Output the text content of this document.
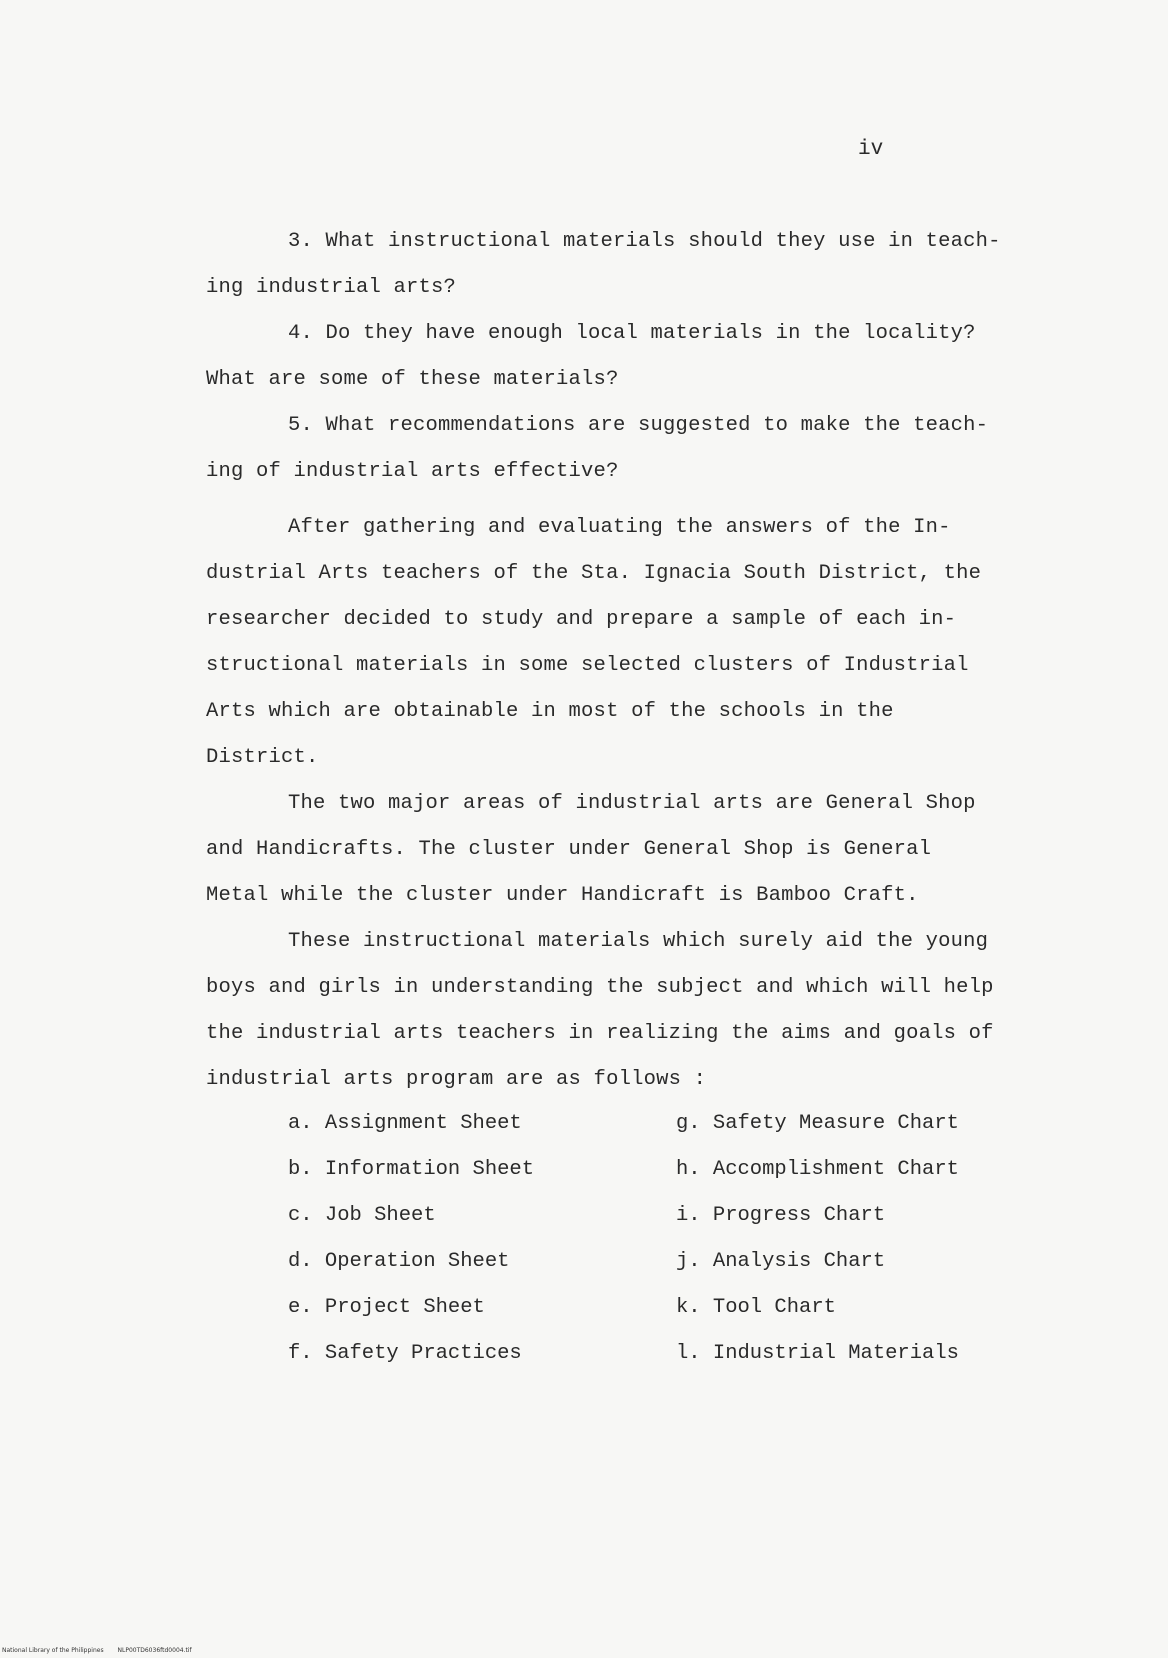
iv
3. What instructional materials should they use in teach-
ing industrial arts?
4. Do they have enough local materials in the locality?
What are some of these materials?
5. What recommendations are suggested to make the teach-
ing of industrial arts effective?
After gathering and evaluating the answers of the In-
dustrial Arts teachers of the Sta. Ignacia South District, the
researcher decided to study and prepare a sample of each in-
structional materials in some selected clusters of Industrial
Arts which are obtainable in most of the schools in the
District.
The two major areas of industrial arts are General Shop
and Handicrafts. The cluster under General Shop is General
Metal while the cluster under Handicraft is Bamboo Craft.
These instructional materials which surely aid the young
boys and girls in understanding the subject and which will help
the industrial arts teachers in realizing the aims and goals of
industrial arts program are as follows :
a. Assignment Sheet
b. Information Sheet
c. Job Sheet
d. Operation Sheet
e. Project Sheet
f. Safety Practices
g. Safety Measure Chart
h. Accomplishment Chart
i. Progress Chart
j. Analysis Chart
k. Tool Chart
l. Industrial Materials
National Library of the Philippines NLP00TD6036ftd0004.tif
